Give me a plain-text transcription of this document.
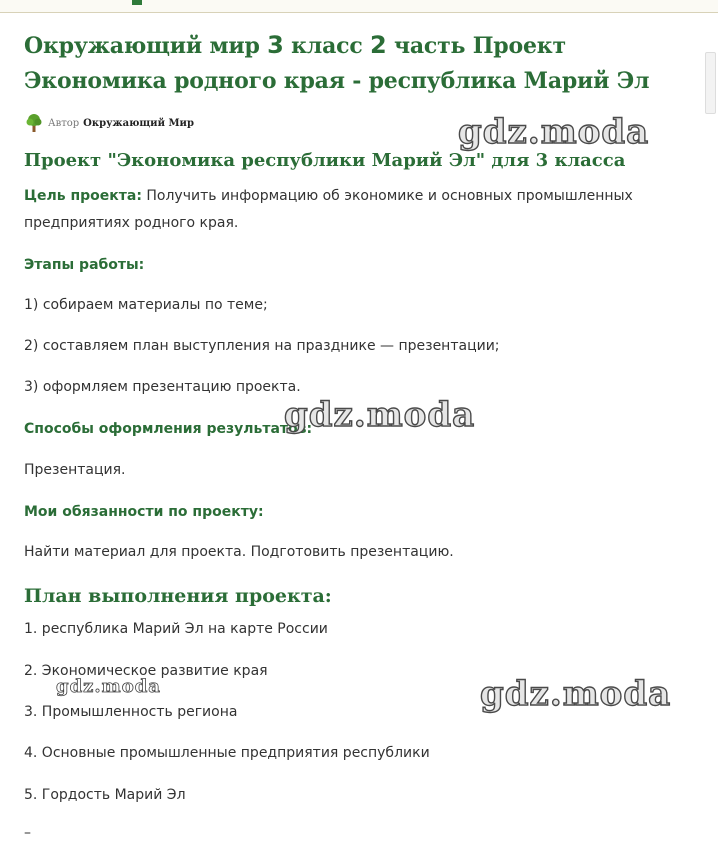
Окружающий мир 3 класс 2 часть Проект
Экономика родного края - республика Марий Эл
Автор Окружающий Мир
Проект "Экономика республики Марий Эл" для 3 класса
Цель проекта: Получить информацию об экономике и основных промышленных предприятиях родного края.
Этапы работы:
1) собираем материалы по теме;
2) составляем план выступления на празднике — презентации;
3) оформляем презентацию проекта.
Способы оформления результатов:
Презентация.
Мои обязанности по проекту:
Найти материал для проекта. Подготовить презентацию.
План выполнения проекта:
1. республика Марий Эл на карте России
2. Экономическое развитие края
3. Промышленность региона
4. Основные промышленные предприятия республики
5. Гордость Марий Эл
–
gdz.moda
gdz.moda
gdz.moda	gdz.moda
